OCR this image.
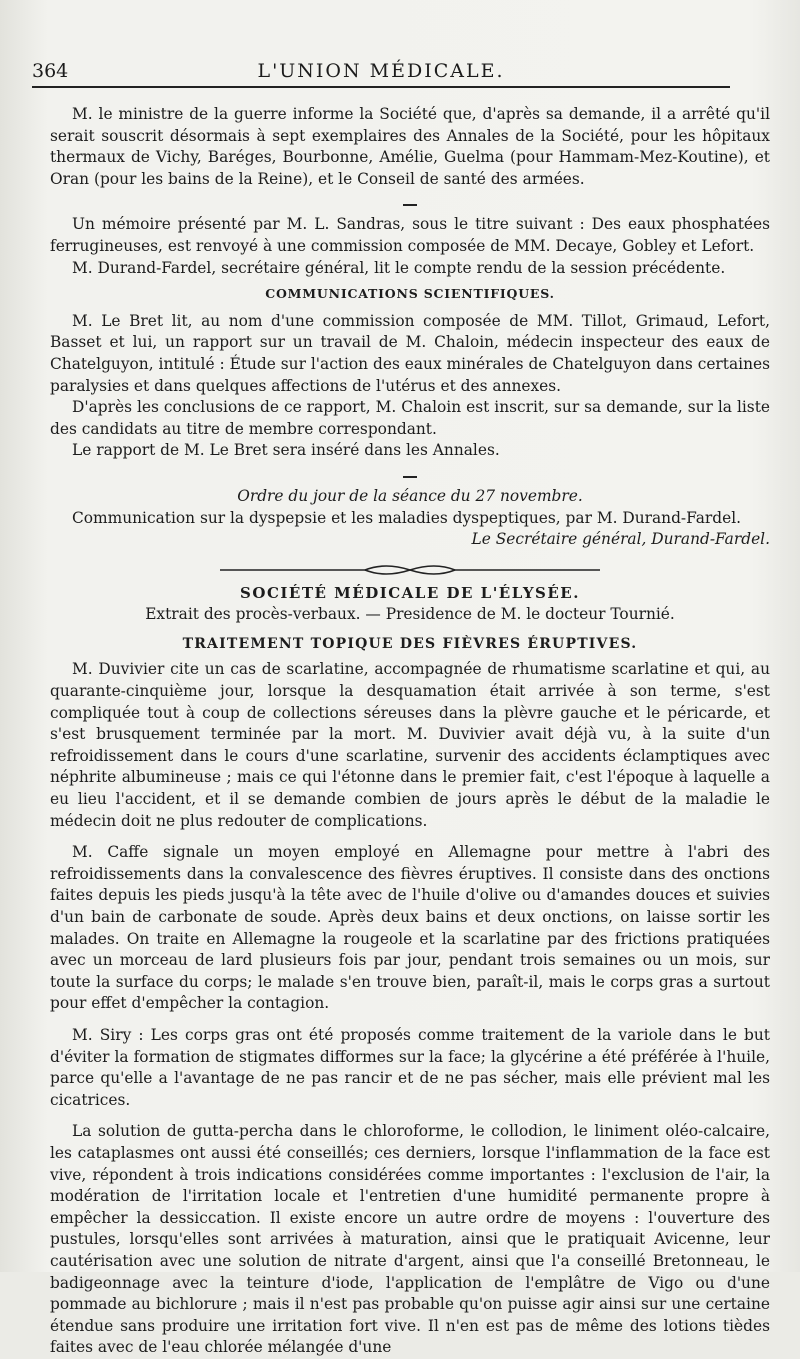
364	L'UNION MÉDICALE.

M. le ministre de la guerre informe la Société que, d'après sa demande, il a arrêté qu'il serait souscrit désormais à sept exemplaires des Annales de la Société, pour les hôpitaux thermaux de Vichy, Baréges, Bourbonne, Amélie, Guelma (pour Hammam-Mez-Koutine), et Oran (pour les bains de la Reine), et le Conseil de santé des armées.

Un mémoire présenté par M. L. Sandras, sous le titre suivant : Des eaux phosphatées ferrugineuses, est renvoyé à une commission composée de MM. Decaye, Gobley et Lefort.

M. Durand-Fardel, secrétaire général, lit le compte rendu de la session précédente.

COMMUNICATIONS SCIENTIFIQUES.

M. Le Bret lit, au nom d'une commission composée de MM. Tillot, Grimaud, Lefort, Basset et lui, un rapport sur un travail de M. Chaloin, médecin inspecteur des eaux de Chatelguyon, intitulé : Étude sur l'action des eaux minérales de Chatelguyon dans certaines paralysies et dans quelques affections de l'utérus et des annexes.

D'après les conclusions de ce rapport, M. Chaloin est inscrit, sur sa demande, sur la liste des candidats au titre de membre correspondant.

Le rapport de M. Le Bret sera inséré dans les Annales.

Ordre du jour de la séance du 27 novembre.

Communication sur la dyspepsie et les maladies dyspeptiques, par M. Durand-Fardel.

Le Secrétaire général, Durand-Fardel.

SOCIÉTÉ MÉDICALE DE L'ÉLYSÉE.

Extrait des procès-verbaux. — Presidence de M. le docteur Tournié.

TRAITEMENT TOPIQUE DES FIÈVRES ÉRUPTIVES.

M. Duvivier cite un cas de scarlatine, accompagnée de rhumatisme scarlatine et qui, au quarante-cinquième jour, lorsque la desquamation était arrivée à son terme, s'est compliquée tout à coup de collections séreuses dans la plèvre gauche et le péricarde, et s'est brusquement terminée par la mort. M. Duvivier avait déjà vu, à la suite d'un refroidissement dans le cours d'une scarlatine, survenir des accidents éclamptiques avec néphrite albumineuse ; mais ce qui l'étonne dans le premier fait, c'est l'époque à laquelle a eu lieu l'accident, et il se demande combien de jours après le début de la maladie le médecin doit ne plus redouter de complications.

M. Caffe signale un moyen employé en Allemagne pour mettre à l'abri des refroidissements dans la convalescence des fièvres éruptives. Il consiste dans des onctions faites depuis les pieds jusqu'à la tête avec de l'huile d'olive ou d'amandes douces et suivies d'un bain de carbonate de soude. Après deux bains et deux onctions, on laisse sortir les malades. On traite en Allemagne la rougeole et la scarlatine par des frictions pratiquées avec un morceau de lard plusieurs fois par jour, pendant trois semaines ou un mois, sur toute la surface du corps; le malade s'en trouve bien, paraît-il, mais le corps gras a surtout pour effet d'empêcher la contagion.

M. Siry : Les corps gras ont été proposés comme traitement de la variole dans le but d'éviter la formation de stigmates difformes sur la face; la glycérine a été préférée à l'huile, parce qu'elle a l'avantage de ne pas rancir et de ne pas sécher, mais elle prévient mal les cicatrices.

La solution de gutta-percha dans le chloroforme, le collodion, le liniment oléo-calcaire, les cataplasmes ont aussi été conseillés; ces derniers, lorsque l'inflammation de la face est vive, répondent à trois indications considérées comme importantes : l'exclusion de l'air, la modération de l'irritation locale et l'entretien d'une humidité permanente propre à empêcher la dessiccation. Il existe encore un autre ordre de moyens : l'ouverture des pustules, lorsqu'elles sont arrivées à maturation, ainsi que le pratiquait Avicenne, leur cautérisation avec une solution de nitrate d'argent, ainsi que l'a conseillé Bretonneau, le badigeonnage avec la teinture d'iode, l'application de l'emplâtre de Vigo ou d'une pommade au bichlorure ; mais il n'est pas probable qu'on puisse agir ainsi sur une certaine étendue sans produire une irritation fort vive. Il n'en est pas de même des lotions tièdes faites avec de l'eau chlorée mélangée d'une
